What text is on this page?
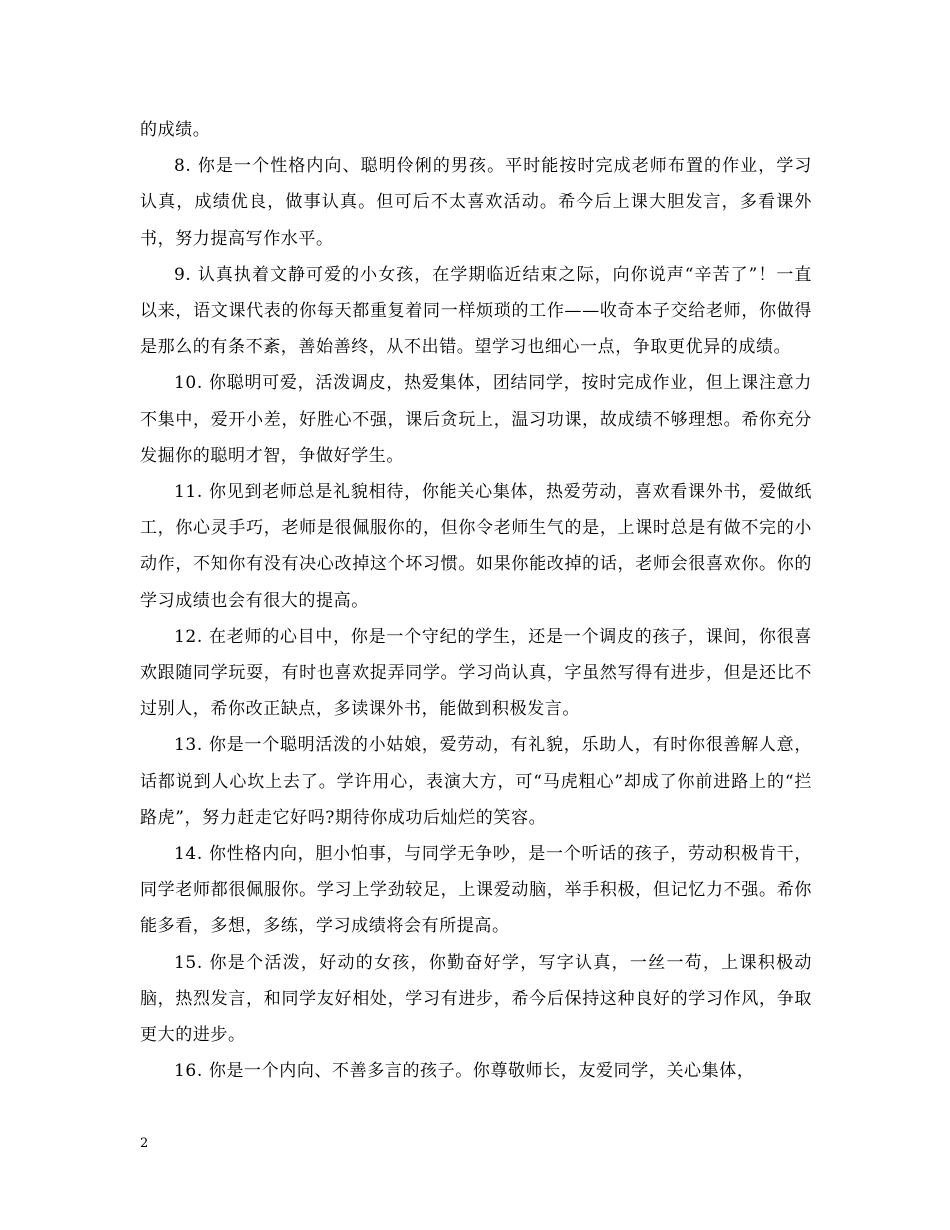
的成绩。

8. 你是一个性格内向、聪明伶俐的男孩。平时能按时完成老师布置的作业，学习认真，成绩优良，做事认真。但可后不太喜欢活动。希今后上课大胆发言，多看课外书，努力提高写作水平。

9. 认真执着文静可爱的小女孩，在学期临近结束之际，向你说声“辛苦了”！一直以来，语文课代表的你每天都重复着同一样烦琐的工作——收奇本子交给老师，你做得是那么的有条不紊，善始善终，从不出错。望学习也细心一点，争取更优异的成绩。

10. 你聪明可爱，活泼调皮，热爱集体，团结同学，按时完成作业，但上课注意力不集中，爱开小差，好胜心不强，课后贪玩上，温习功课，故成绩不够理想。希你充分发掘你的聪明才智，争做好学生。

11. 你见到老师总是礼貌相待，你能关心集体，热爱劳动，喜欢看课外书，爱做纸工，你心灵手巧，老师是很佩服你的，但你令老师生气的是，上课时总是有做不完的小动作，不知你有没有决心改掉这个坏习惯。如果你能改掉的话，老师会很喜欢你。你的学习成绩也会有很大的提高。

12. 在老师的心目中，你是一个守纪的学生，还是一个调皮的孩子，课间，你很喜欢跟随同学玩耍，有时也喜欢捉弄同学。学习尚认真，字虽然写得有进步，但是还比不过别人，希你改正缺点，多读课外书，能做到积极发言。

13. 你是一个聪明活泼的小姑娘，爱劳动，有礼貌，乐助人，有时你很善解人意，话都说到人心坎上去了。学许用心，表演大方，可“马虎粗心”却成了你前进路上的“拦路虎”，努力赶走它好吗?期待你成功后灿烂的笑容。

14. 你性格内向，胆小怕事，与同学无争吵，是一个听话的孩子，劳动积极肯干，同学老师都很佩服你。学习上学劲较足，上课爱动脑，举手积极，但记忆力不强。希你能多看，多想，多练，学习成绩将会有所提高。

15. 你是个活泼，好动的女孩，你勤奋好学，写字认真，一丝一苟，上课积极动脑，热烈发言，和同学友好相处，学习有进步，希今后保持这种良好的学习作风，争取更大的进步。

16. 你是一个内向、不善多言的孩子。你尊敬师长，友爱同学，关心集体，

2
